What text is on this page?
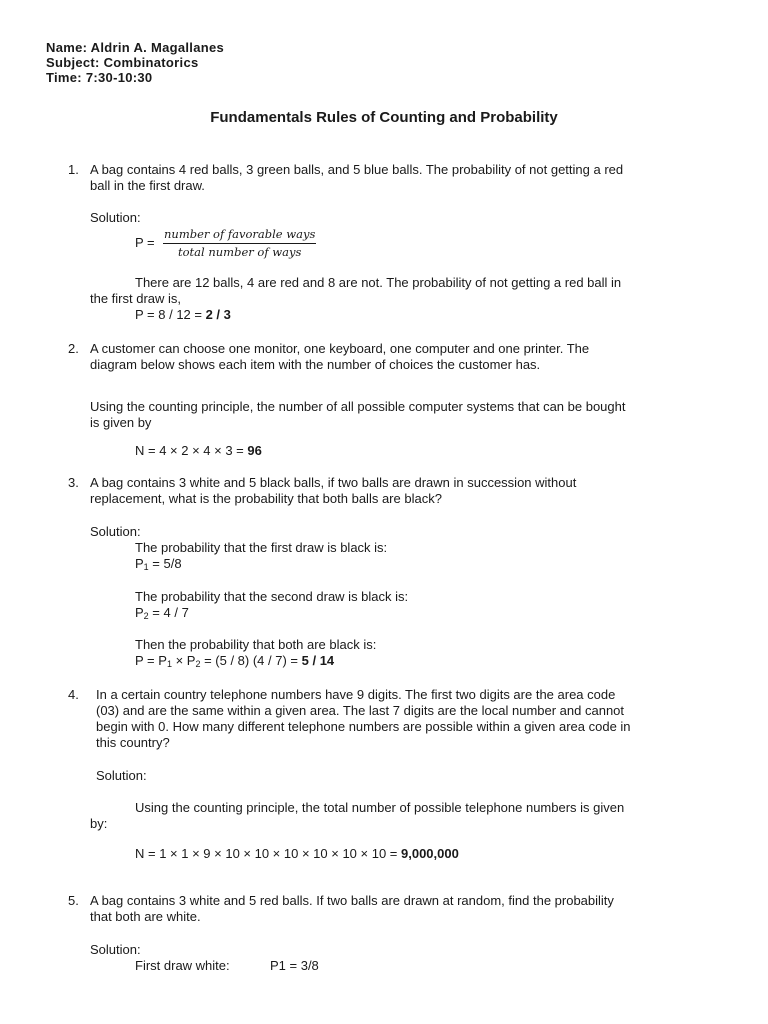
Name: Aldrin A. Magallanes
Subject: Combinatorics
Time: 7:30-10:30
Fundamentals Rules of Counting and Probability
1. A bag contains 4 red balls, 3 green balls, and 5 blue balls. The probability of not getting a red
ball in the first draw.
Solution:
P =
number of favorable ways
total number of ways
There are 12 balls, 4 are red and 8 are not. The probability of not getting a red ball in
the first draw is,
P = 8 / 12 = 2 / 3
2. A customer can choose one monitor, one keyboard, one computer and one printer. The
diagram below shows each item with the number of choices the customer has.
Using the counting principle, the number of all possible computer systems that can be bought
is given by
N = 4 × 2 × 4 × 3 = 96
3. A bag contains 3 white and 5 black balls, if two balls are drawn in succession without
replacement, what is the probability that both balls are black?
Solution:
The probability that the first draw is black is:
$P_1 = 5/8$
The probability that the second draw is black is:
$P_2 = 4 / 7$
Then the probability that both are black is:
$P = P_1 \times P_2 = (5 / 8)$ (4 / 7) = 5 / 14
4. In a certain country telephone numbers have 9 digits. The first two digits are the area code
(03) and are the same within a given area. The last 7 digits are the local number and cannot
begin with 0. How many different telephone numbers are possible within a given area code in
this country?
Solution:
Using the counting principle, the total number of possible telephone numbers is given
by:
N = 1 × 1 × 9 × 10 × 10 × 10 × 10 × 10 × 10 = 9,000,000
5. A bag contains 3 white and 5 red balls. If two balls are drawn at random, find the probability
that both are white.
Solution:
First draw white:	P1 = 3/8
